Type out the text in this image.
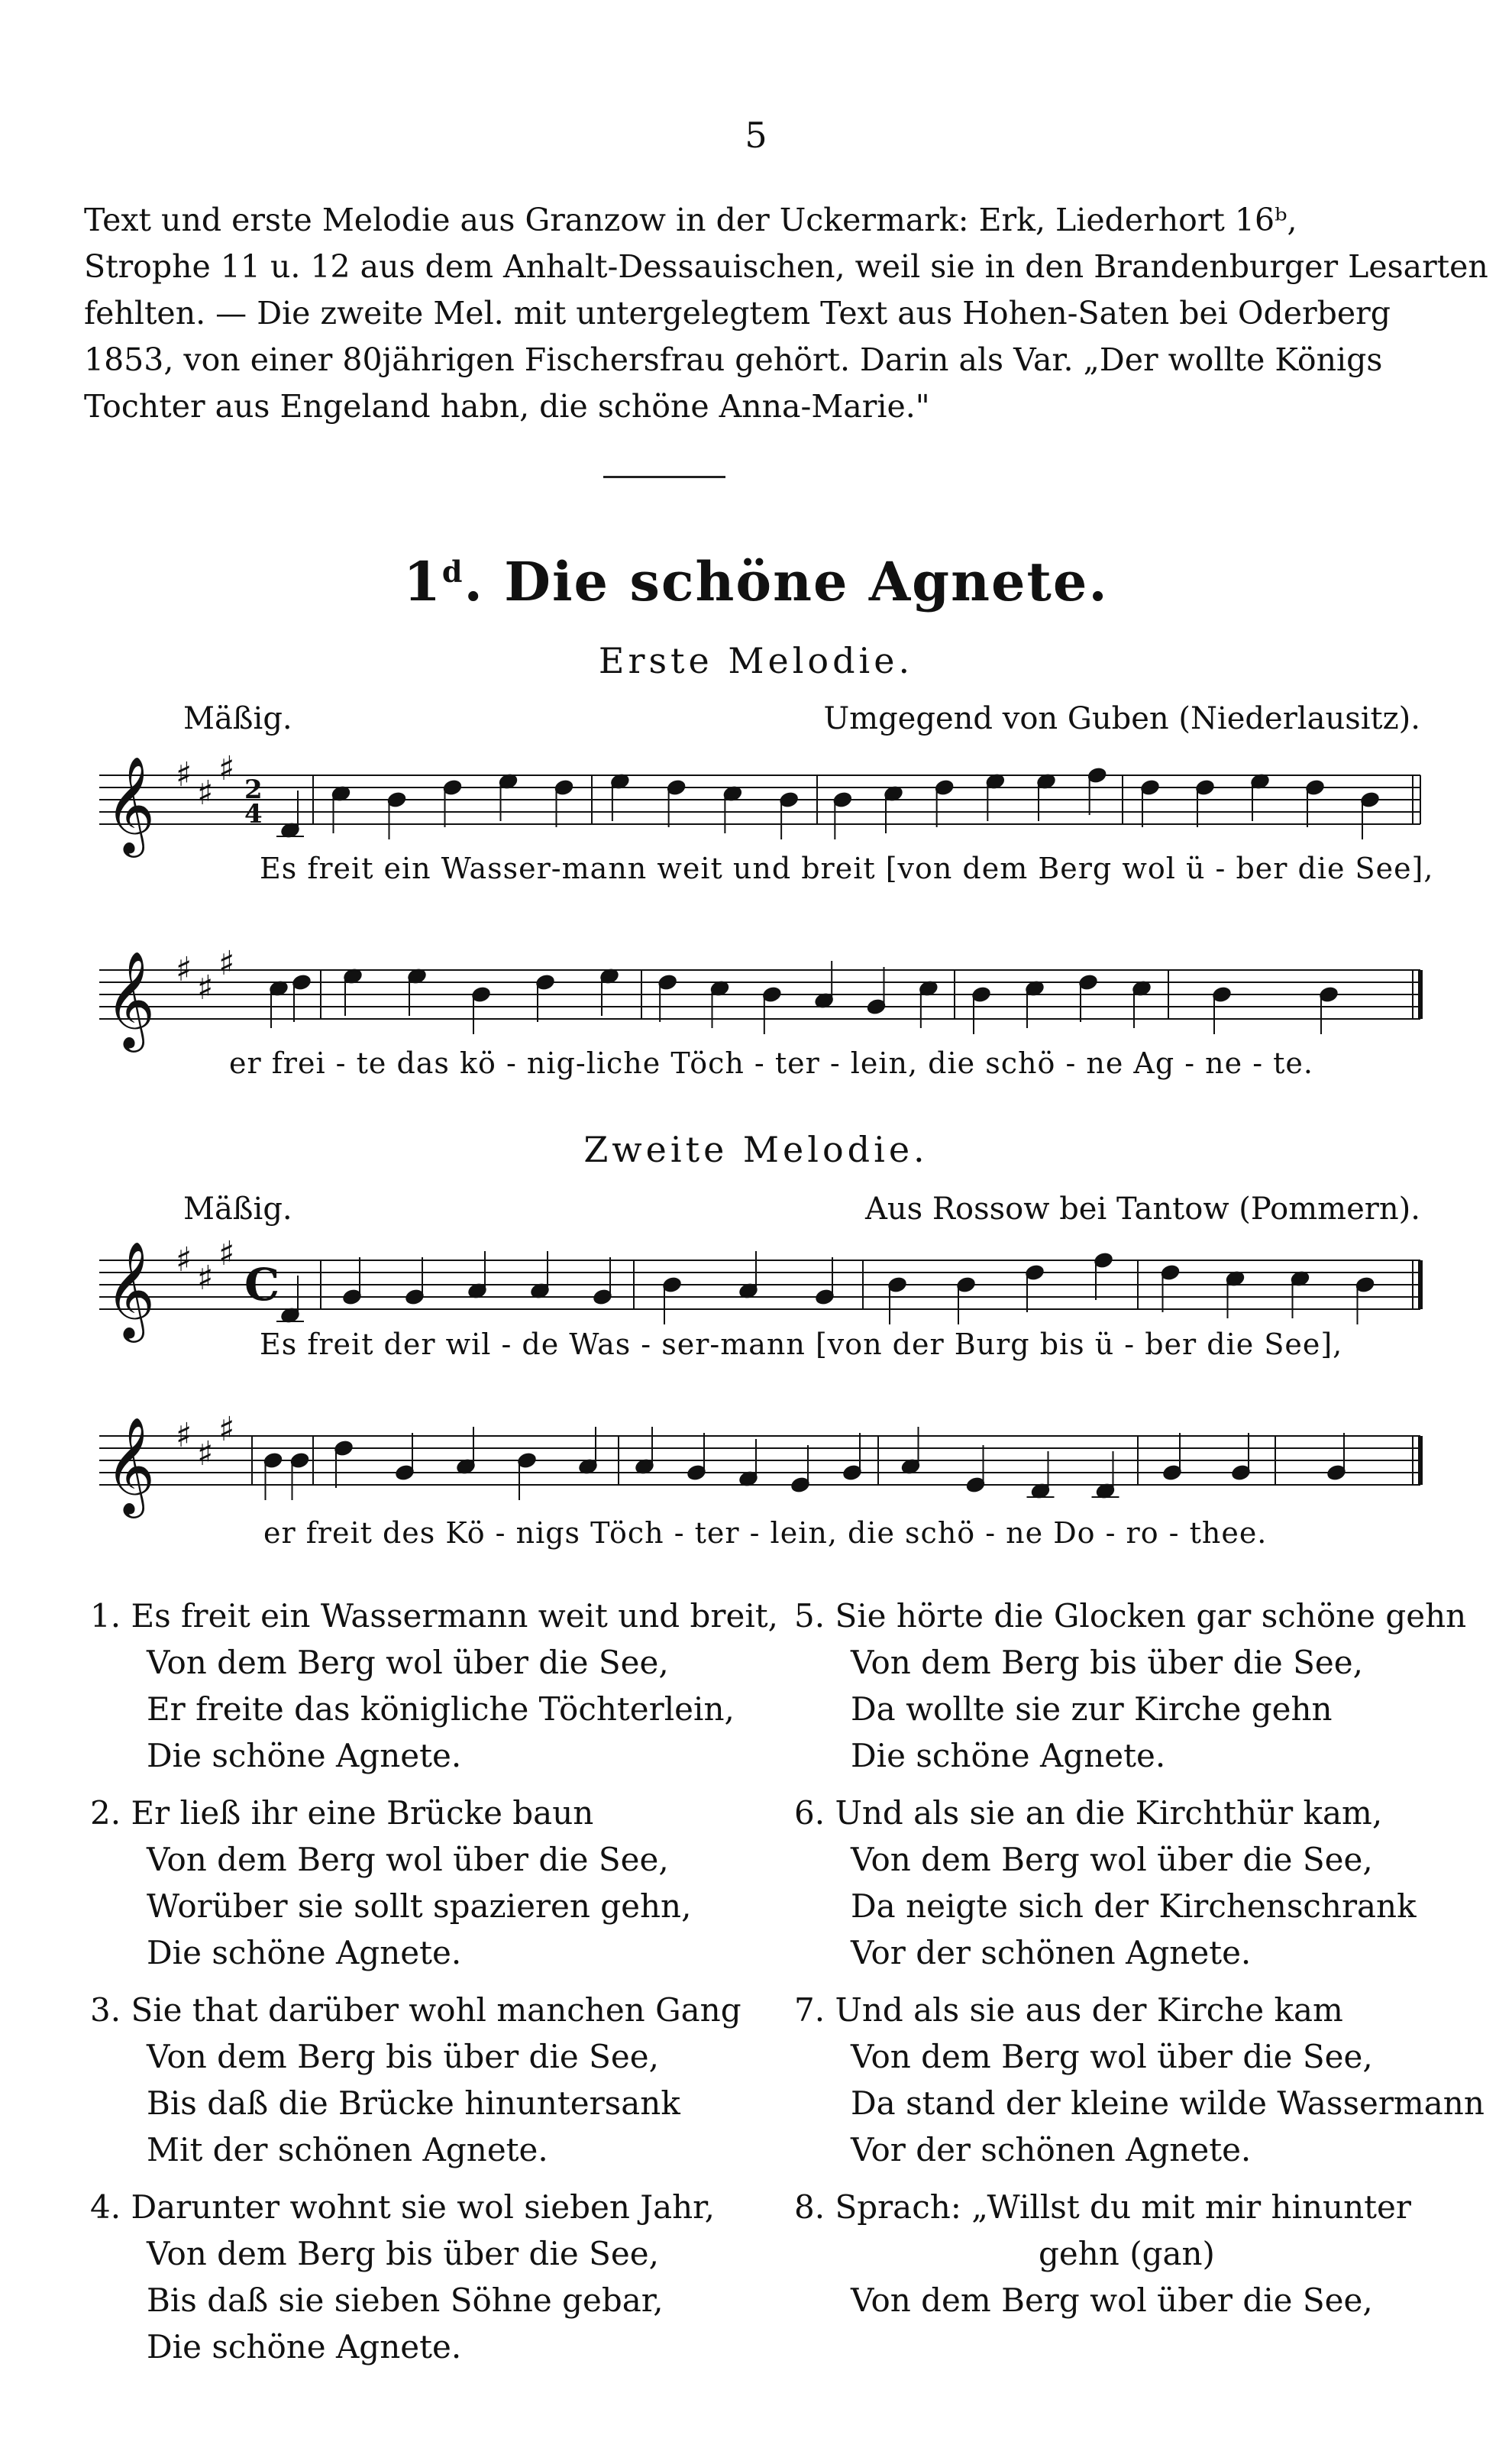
5
Text und erste Melodie aus Granzow in der Uckermark: Erk, Liederhort 16ᵇ,
Strophe 11 u. 12 aus dem Anhalt-Dessauischen, weil sie in den Brandenburger Lesarten
fehlten. — Die zweite Mel. mit untergelegtem Text aus Hohen-Saten bei Oderberg
1853, von einer 80jährigen Fischersfrau gehört. Darin als Var. „Der wollte Königs
Tochter aus Engeland habn, die schöne Anna-Marie."
1$^d$. Die schöne Agnete.
Erste Melodie.
Mäßig.	Umgegend von Guben (Niederlausitz).
𝄞 ♯ ♯
♯
2
4
Es freit ein Wasser-mann weit und breit [von dem Berg wol ü - ber die See],
𝄞 ♯ ♯
♯
er frei - te das kö - nig-liche Töch - ter - lein, die schö - ne Ag - ne - te.
Zweite Melodie.
Mäßig.	Aus Rossow bei Tantow (Pommern).
𝄞 ♯ ♯
♯
C
Es freit der wil - de Was - ser-mann [von der Burg bis ü - ber die See],
𝄞 ♯ ♯
♯
er freit des Kö - nigs Töch - ter - lein, die schö - ne Do - ro - thee.
1. Es freit ein Wassermann weit und breit,
Von dem Berg wol über die See,
Er freite das königliche Töchterlein,
Die schöne Agnete.
2. Er ließ ihr eine Brücke baun
Von dem Berg wol über die See,
Worüber sie sollt spazieren gehn,
Die schöne Agnete.
3. Sie that darüber wohl manchen Gang
Von dem Berg bis über die See,
Bis daß die Brücke hinuntersank
Mit der schönen Agnete.
4. Darunter wohnt sie wol sieben Jahr,
Von dem Berg bis über die See,
Bis daß sie sieben Söhne gebar,
Die schöne Agnete.
5. Sie hörte die Glocken gar schöne gehn
Von dem Berg bis über die See,
Da wollte sie zur Kirche gehn
Die schöne Agnete.
6. Und als sie an die Kirchthür kam,
Von dem Berg wol über die See,
Da neigte sich der Kirchenschrank
Vor der schönen Agnete.
7. Und als sie aus der Kirche kam
Von dem Berg wol über die See,
Da stand der kleine wilde Wassermann
Vor der schönen Agnete.
8. Sprach: „Willst du mit mir hinunter
gehn (gan)
Von dem Berg wol über die See,
